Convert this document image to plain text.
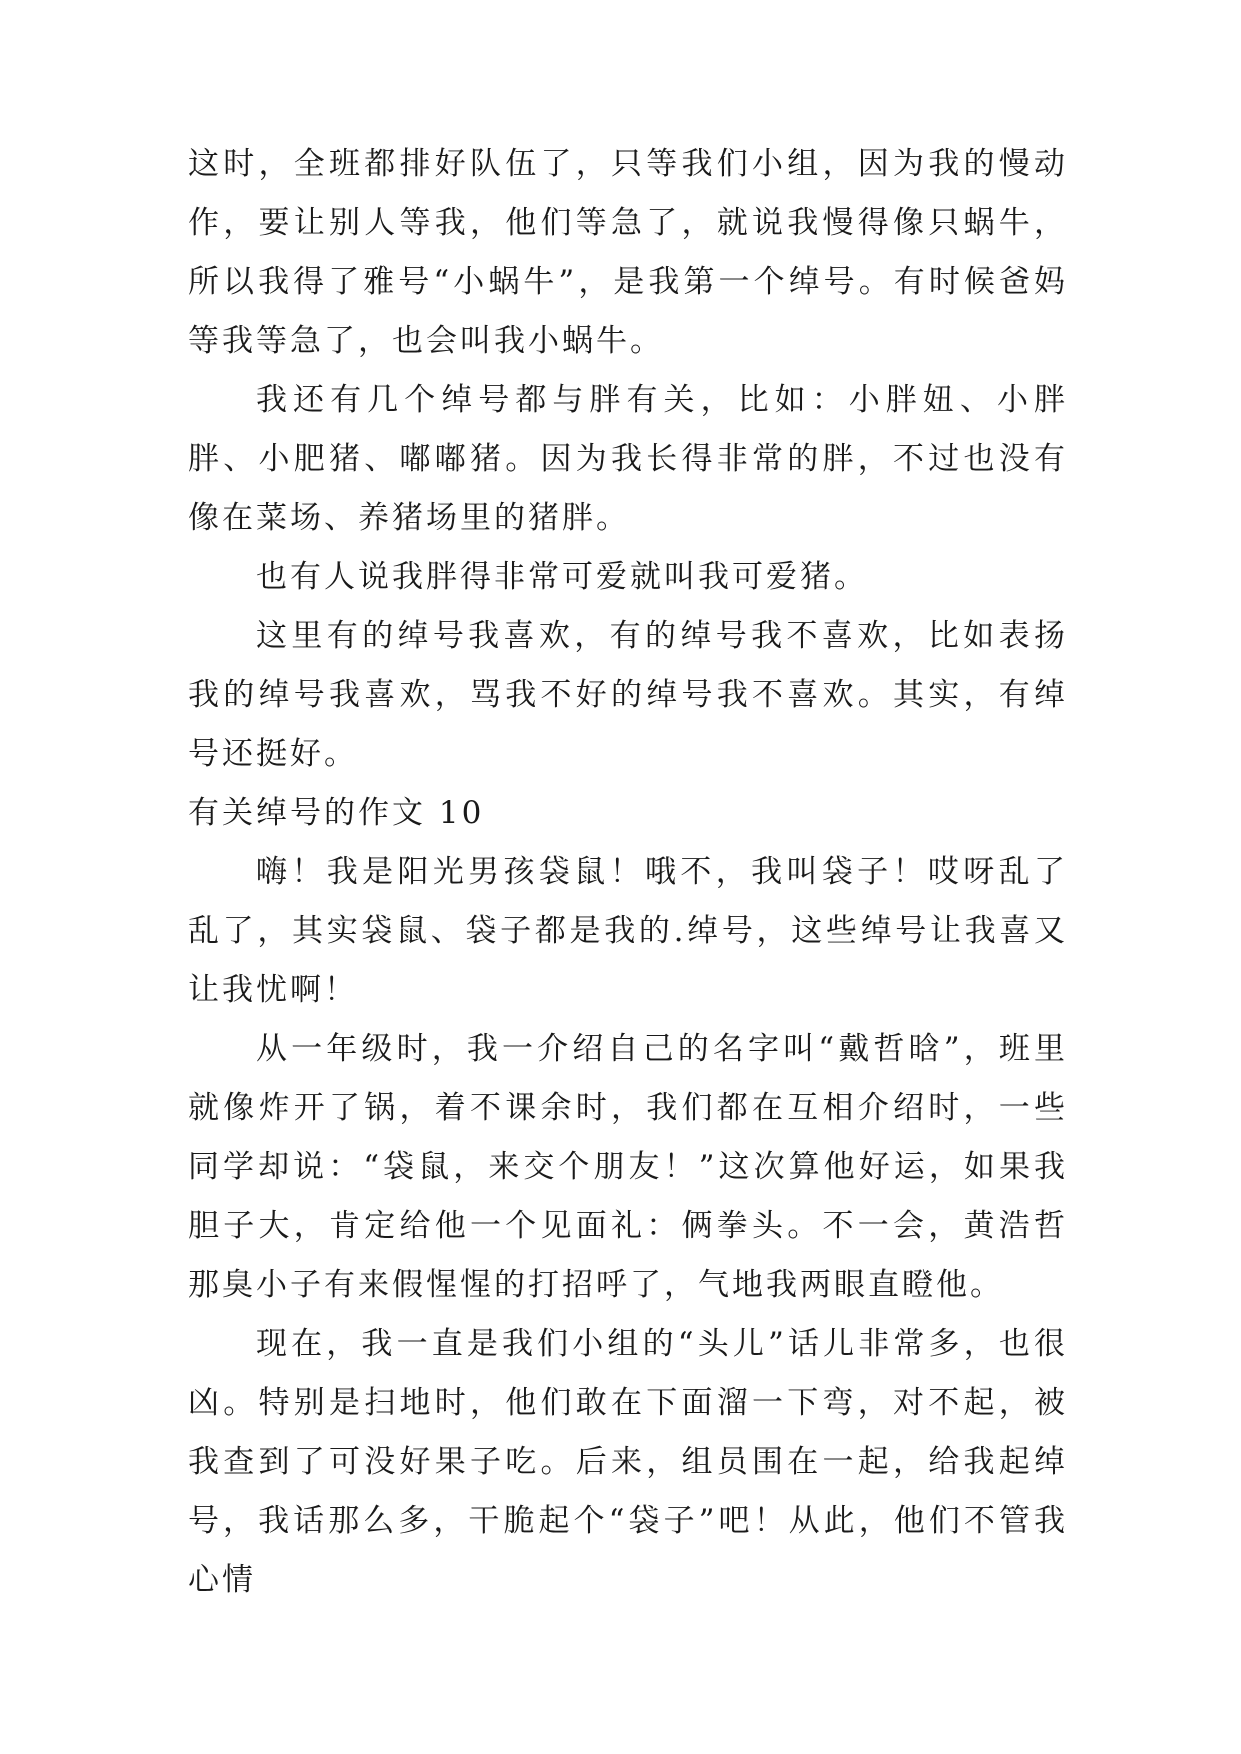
这时，全班都排好队伍了，只等我们小组，因为我的慢动作，要让别人等我，他们等急了，就说我慢得像只蜗牛，所以我得了雅号“小蜗牛”，是我第一个绰号。有时候爸妈等我等急了，也会叫我小蜗牛。

我还有几个绰号都与胖有关，比如：小胖妞、小胖胖、小肥猪、嘟嘟猪。因为我长得非常的胖，不过也没有像在菜场、养猪场里的猪胖。

也有人说我胖得非常可爱就叫我可爱猪。

这里有的绰号我喜欢，有的绰号我不喜欢，比如表扬我的绰号我喜欢，骂我不好的绰号我不喜欢。其实，有绰号还挺好。

有关绰号的作文 10

嗨！我是阳光男孩袋鼠！哦不，我叫袋子！哎呀乱了乱了，其实袋鼠、袋子都是我的.绰号，这些绰号让我喜又让我忧啊！

从一年级时，我一介绍自己的名字叫“戴哲晗”，班里就像炸开了锅，着不课余时，我们都在互相介绍时，一些同学却说：“袋鼠，来交个朋友！”这次算他好运，如果我胆子大，肯定给他一个见面礼：俩拳头。不一会，黄浩哲那臭小子有来假惺惺的打招呼了，气地我两眼直瞪他。

现在，我一直是我们小组的“头儿”话儿非常多，也很凶。特别是扫地时，他们敢在下面溜一下弯，对不起，被我查到了可没好果子吃。后来，组员围在一起，给我起绰号，我话那么多，干脆起个“袋子”吧！从此，他们不管我心情
